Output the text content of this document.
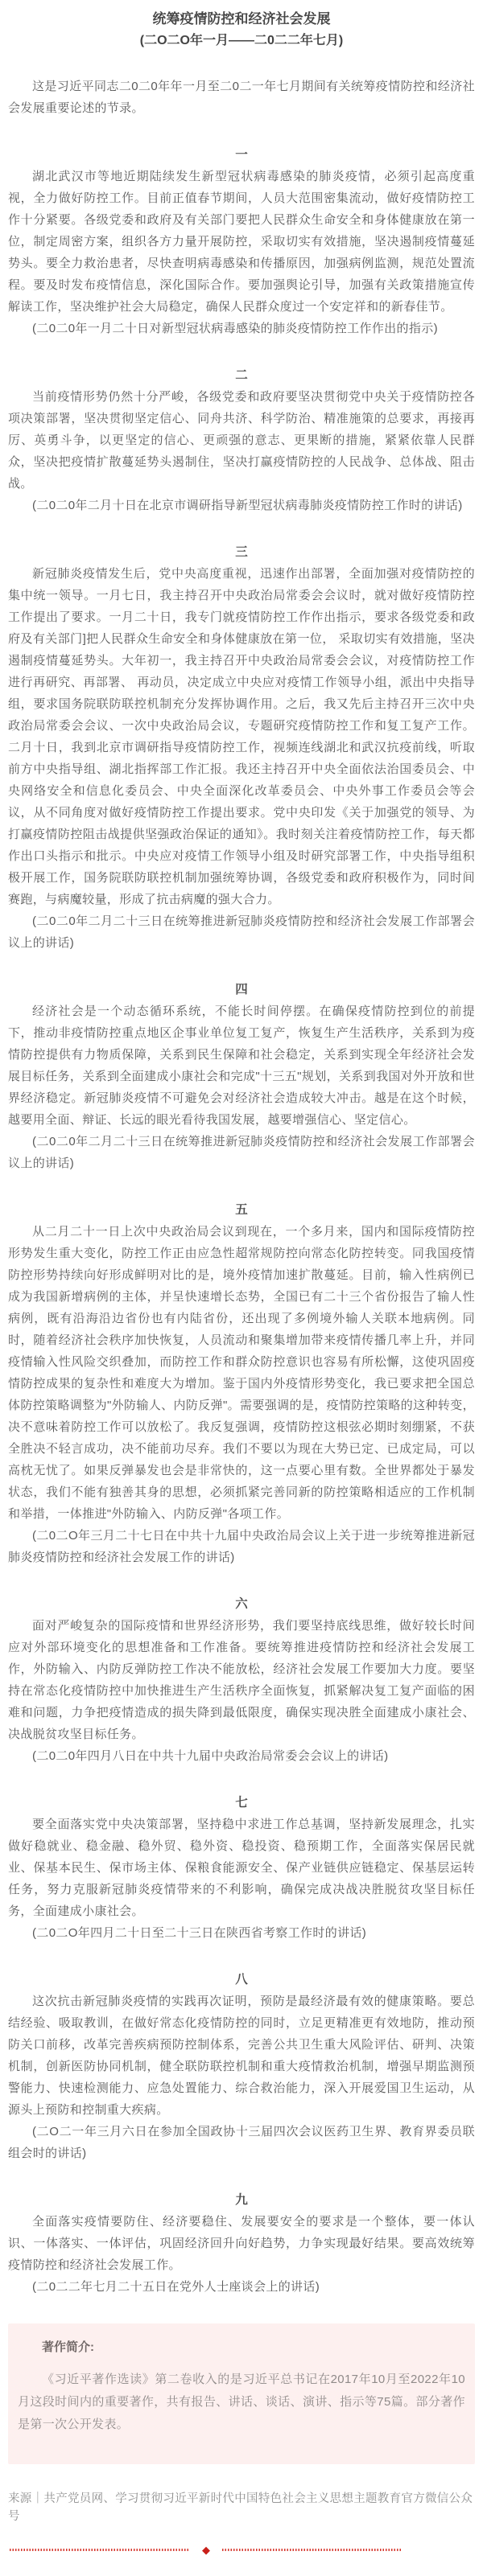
统筹疫情防控和经济社会发展
(二O二O年一月——二0二二年七月)

这是习近平同志二0二0年年一月至二0二一年七月期间有关统筹疫情防控和经济社会发展重要论述的节录。

一

湖北武汉市等地近期陆续发生新型冠状病毒感染的肺炎疫情，必须引起高度重视，全力做好防控工作。目前正值春节期间，人员大范围密集流动，做好疫情防控工作十分紧要。各级党委和政府及有关部门要把人民群众生命安全和身体健康放在第一位，制定周密方案，组织各方力量开展防控，采取切实有效措施，坚决遏制疫情蔓延势头。要全力救治患者，尽快查明病毒感染和传播原因，加强病例监测，规范处置流程。要及时发布疫情信息，深化国际合作。要加强舆论引导，加强有关政策措施宣传解读工作，坚决维护社会大局稳定，确保人民群众度过一个安定祥和的新春佳节。

(二0二0年一月二十日对新型冠状病毒感染的肺炎疫情防控工作作出的指示)

二

当前疫情形势仍然十分严峻，各级党委和政府要坚决贯彻党中央关于疫情防控各项决策部署，坚决贯彻坚定信心、同舟共济、科学防治、精准施策的总要求，再接再厉、英勇斗争，以更坚定的信心、更顽强的意志、更果断的措施，紧紧依靠人民群众，坚决把疫情扩散蔓延势头遏制住，坚决打赢疫情防控的人民战争、总体战、阻击战。

(二0二0年二月十日在北京市调研指导新型冠状病毒肺炎疫情防控工作时的讲话)

三

新冠肺炎疫情发生后，党中央高度重视，迅速作出部署，全面加强对疫情防控的集中统一领导。一月七日，我主持召开中央政治局常委会会议时，就对做好疫情防控工作提出了要求。一月二十日，我专门就疫情防控工作作出指示，要求各级党委和政府及有关部门]把人民群众生命安全和身体健康放在第一位， 采取切实有效措施，坚决遏制疫情蔓延势头。大年初一，我主持召开中央政治局常委会会议，对疫情防控工作进行再研究、再部署、 再动员，决定成立中央应对疫情工作领导小组，派出中央指导组，要求国务院联防联控机制充分发挥协调作用。之后，我又先后主持召开三次中央政治局常委会会议、一次中央政治局会议，专题研究疫情防控工作和复工复产工作。二月十日，我到北京市调研指导疫情防控工作，视频连线湖北和武汉抗疫前线，听取前方中央指导组、湖北指挥部工作汇报。我还主持召开中央全面依法治国委员会、中央网络安全和信息化委员会、中央全面深化改革委员会、中央外事工作委员会等会议，从不同角度对做好疫情防控工作提出要求。党中央印发《关于加强党的领导、为打赢疫情防控阻击战提供坚强政治保证的通知》。我时刻关注着疫情防控工作，每天都作出口头指示和批示。中央应对疫情工作领导小组及时研究部署工作，中央指导组积极开展工作，国务院联防联控机制加强统筹协调，各级党委和政府积极作为，同时间赛跑，与病魔较量，形成了抗击病魔的强大合力。

(二0二0年二月二十三日在统筹推进新冠肺炎疫情防控和经济社会发展工作部署会议上的讲话)

四

经济社会是一个动态循环系统，不能长时间停摆。在确保疫情防控到位的前提下，推动非疫情防控重点地区企事业单位复工复产，恢复生产生活秩序，关系到为疫情防控提供有力物质保障，关系到民生保障和社会稳定，关系到实现全年经济社会发展目标任务，关系到全面建成小康社会和完成"十三五"规划，关系到我国对外开放和世界经济稳定。新冠肺炎疫情不可避免会对经济社会造成较大冲击。越是在这个时候，越要用全面、辩证、长远的眼光看待我国发展，越要增强信心、坚定信心。

(二0二0年二月二十三日在统筹推进新冠肺炎疫情防控和经济社会发展工作部署会议上的讲话)

五

从二月二十一日上次中央政治局会议到现在，一个多月来，国内和国际疫情防控形势发生重大变化，防控工作正由应急性超常规防控向常态化防控转变。同我国疫情防控形势持续向好形成鲜明对比的是，境外疫情加速扩散蔓延。目前，输入性病例已成为我国新增病例的主体，并呈快速增长态势，全国已有二十三个省份报告了输人性病例，既有沿海沿边省份也有内陆省份，还出现了多例境外输人关联本地病例。同时，随着经济社会秩序加快恢复，人员流动和聚集增加带来疫情传播几率上升，并同疫情输入性风险交织叠加，而防控工作和群众防控意识也容易有所松懈，这使巩固疫情防控成果的复杂性和难度大为增加。鉴于国内外疫情形势变化，我已要求把全国总体防控策略调整为"外防输人、内防反弹"。需要强调的是，疫情防控策略的这种转变，决不意味着防控工作可以放松了。我反复强调，疫情防控这根弦必期时刻绷紧，不获全胜决不轻言成功，决不能前功尽弃。我们不要以为现在大势已定、已成定局，可以高枕无忧了。如果反弹暴发也会是非常快的，这一点要心里有数。全世界都处于暴发状态，我们不能有独善其身的思想，必须抓紧完善同新的防控策略相适应的工作机制和举措，一体推进"外防输入、内防反弹"各项工作。

(二0二O年三月二十七日在中共十九届中央政治局会议上关于进一步统筹推进新冠肺炎疫情防控和经济社会发展工作的讲话)

六

面对严峻复杂的国际疫情和世界经济形势，我们要坚持底线思维，做好较长时间应对外部环境变化的思想准备和工作准备。要统筹推进疫情防控和经济社会发展工作，外防输入、内防反弹防控工作决不能放松，经济社会发展工作要加大力度。要坚持在常态化疫情防控中加快推进生产生活秩序全面恢复，抓紧解决复工复产面临的困难和问题，力争把疫情造成的损失降到最低限度，确保实现决胜全面建成小康社会、决战脱贫攻坚目标任务。

(二0二0年四月八日在中共十九届中央政治局常委会会议上的讲话)

七

要全面落实党中央决策部署，坚持稳中求进工作总基调，坚持新发展理念，扎实做好稳就业、稳金融、稳外贸、稳外资、稳投资、稳预期工作，全面落实保居民就业、保基本民生、保市场主体、保粮食能源安全、保产业链供应链稳定、保基层运转任务，努力克服新冠肺炎疫情带来的不利影响，确保完成决战决胜脱贫攻坚目标任务，全面建成小康社会。

(二0二O年四月二十日至二十三日在陕西省考察工作时的讲话)

八

这次抗击新冠肺炎疫情的实践再次证明，预防是最经济最有效的健康策略。要总结经验、吸取教训，在做好常态化疫情防控的同时，立足更精准更有效地防，推动预防关口前移，改革完善疾病预防控制体系，完善公共卫生重大风险评估、研判、决策机制，创新医防协同机制，健全联防联控机制和重大疫情救治机制，增强早期监测预警能力、快速检测能力、应急处置能力、综合救治能力，深入开展爱国卫生运动，从源头上预防和控制重大疾病。

(二O二一年三月六日在参加全国政协十三届四次会议医药卫生界、教育界委员联组会时的讲话)

九

全面落实疫情要防住、经济要稳住、发展要安全的要求是一个整体，要一体认识、一体落实、一体评估，巩固经济回升向好趋势，力争实现最好结果。要高效统筹疫情防控和经济社会发展工作。

(二0二二年七月二十五日在党外人士座谈会上的讲话)

著作简介:

《习近平著作选读》第二卷收入的是习近平总书记在2017年10月至2022年10月这段时间内的重要著作，共有报告、讲话、谈话、演讲、指示等75篇。部分著作是第一次公开发表。

来源｜共产党员网、学习贯彻习近平新时代中国特色社会主义思想主题教育官方微信公众号
◆
